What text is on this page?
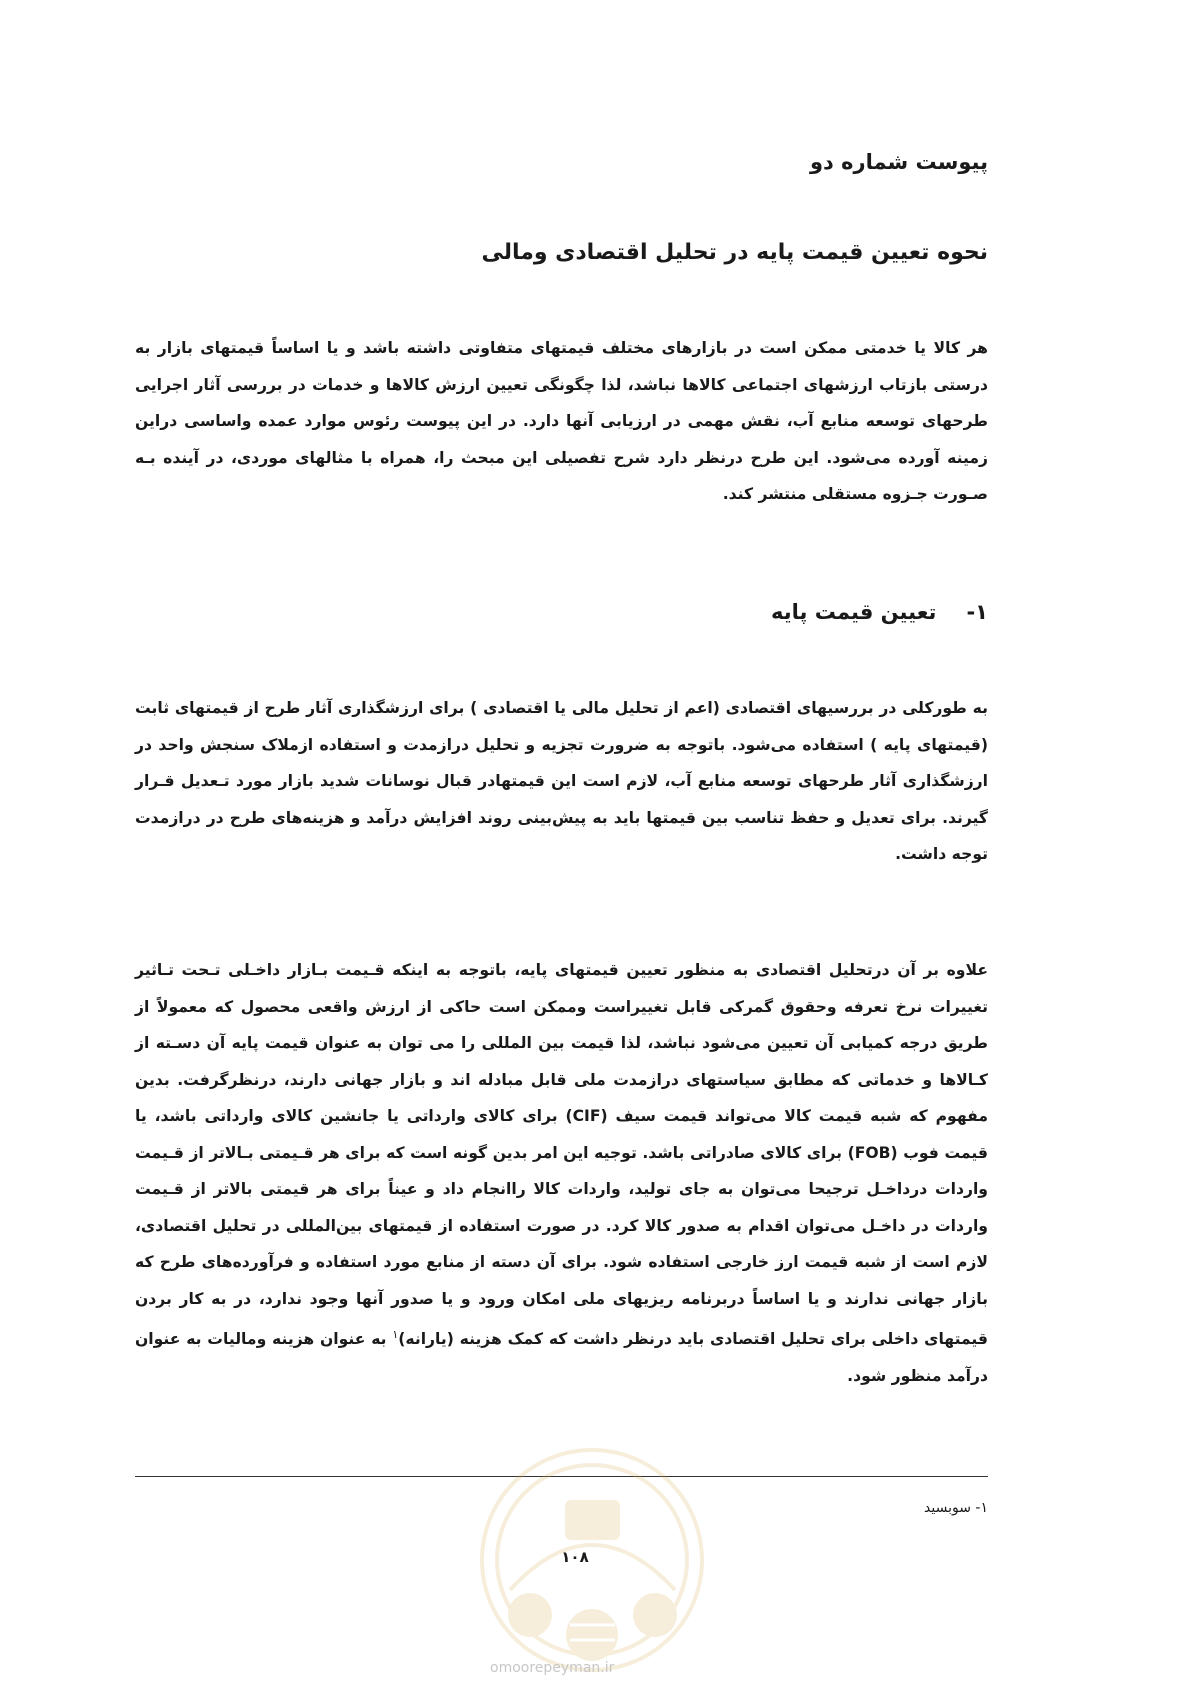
پیوست شماره دو
نحوه تعیین قیمت پایه در تحلیل اقتصادی ومالی

هر کالا یا خدمتی ممکن است در بازارهای مختلف قیمتهای متفاوتی داشته باشد و یا اساساً قیمتهای بازار به درستی بازتاب ارزشهای اجتماعی کالاها نباشد، لذا چگونگی تعیین ارزش کالاها و خدمات در بررسی آثار اجرایی طرحهای توسعه منابع آب، نقش مهمی در ارزیابی آنها دارد. در این پیوست رئوس موارد عمده واساسی دراین زمینه آورده می‌شود. این طرح درنظر دارد شرح تفصیلی این مبحث را، همراه با مثالهای موردی، در آینده بـه صـورت جـزوه مستقلی منتشر کند.

۱-تعیین قیمت پایه

به طورکلی در بررسیهای اقتصادی (اعم از تحلیل مالی یا اقتصادی ) برای ارزشگذاری آثار طرح از قیمتهای ثابت (قیمتهای پایه ) استفاده می‌شود. باتوجه به ضرورت تجزیه و تحلیل درازمدت و استفاده ازملاک سنجش واحد در ارزشگذاری آثار طرحهای توسعه منابع آب، لازم است این قیمتهادر قبال نوسانات شدید بازار مورد تـعدیل قـرار گیرند. برای تعدیل و حفظ تناسب بین قیمتها باید به پیش‌بینی روند افزایش درآمد و هزینه‌های طرح در درازمدت توجه داشت.

علاوه بر آن درتحلیل اقتصادی به منظور تعیین قیمتهای پایه، باتوجه به اینکه قـیمت بـازار داخـلی تـحت تـاثیر تغییرات نرخ تعرفه وحقوق گمرکی قابل تغییراست وممکن است حاکی از ارزش واقعی محصول که معمولاً از طریق درجه کمیابی آن تعیین می‌شود نباشد، لذا قیمت بین المللی را می توان به عنوان قیمت پایه آن دسـته از کـالاها و خدماتی که مطابق سیاستهای درازمدت ملی قابل مبادله اند و بازار جهانی دارند، درنظرگرفت. بدین مفهوم که شبه قیمت کالا می‌تواند قیمت سیف (CIF) برای کالای وارداتی یا جانشین کالای وارداتی باشد، یا قیمت فوب (FOB) برای کالای صادراتی باشد. توجیه این امر بدین گونه است که برای هر قـیمتی بـالاتر از قـیمت واردات درداخـل ترجیحا می‌توان به جای تولید، واردات کالا راانجام داد و عیناً برای هر قیمتی بالاتر از قـیمت واردات در داخـل می‌توان اقدام به صدور کالا کرد. در صورت استفاده از قیمتهای بین‌المللی در تحلیل اقتصادی، لازم است از شبه قیمت ارز خارجی استفاده شود. برای آن دسته از منابع مورد استفاده و فرآورده‌های طرح که بازار جهانی ندارند و یا اساساً دربرنامه ریزیهای ملی امکان ورود و یا صدور آنها وجود ندارد، در به کار بردن قیمتهای داخلی برای تحلیل اقتصادی باید درنظر داشت که کمک هزینه (یارانه)$^۱$ به عنوان هزینه ومالیات به عنوان درآمد منظور شود.

۱- سوبسید
۱۰۸
omoorepeyman.ir
